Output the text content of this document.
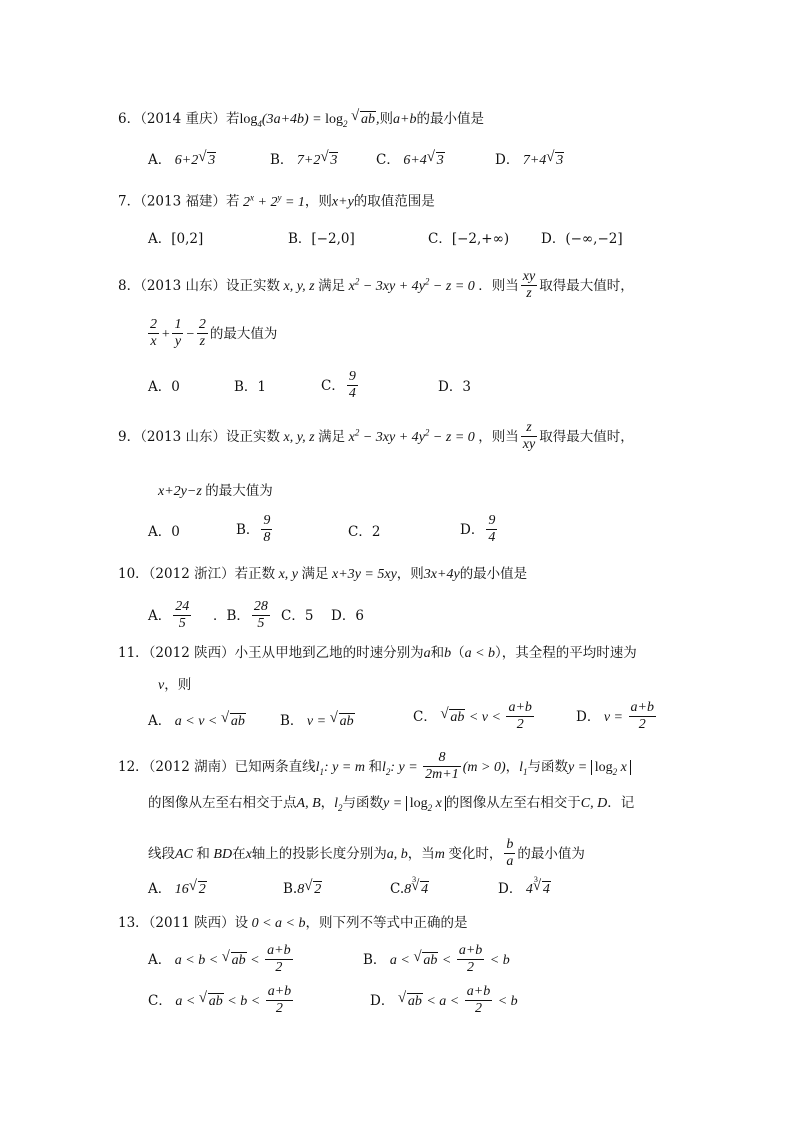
6．（2014 重庆）若$\log_4(3a+4b) = \log_2$ √ ab,则a+b的最小值是
A． 6+2 √ 3	B． 7+2 √ 3	C． 6+4 √ 3	D． 7+4 √ 3
7．（2013 福建）若 $2^x + 2^y = 1$，则x+y的取值范围是
A．[0,2]	B．[−2,0]	C．[−2,+∞) D．(−∞,−2]
8．（2013 山东）设正实数 x, y, z 满足 $x^2 - 3xy + 4y^2 - z = 0$ ．则当 $\frac{xy}{z}$ 取得最大值时，
$\frac{2}{x} + \frac{1}{y} - \frac{2}{z}$ 的最大值为
A．0	B．1	C． $\frac{9}{4}$	D．3
9．（2013 山东）设正实数 x, y, z 满足 $x^2 - 3xy + 4y^2 - z = 0$ ，则当 $\frac{z}{xy}$ 取得最大值时，
x+2y−z 的最大值为
A．0	B． $\frac{9}{8}$	C．2	D． $\frac{9}{4}$
10．（2012 浙江）若正数 x, y 满足 x+3y = 5xy，则3x+4y的最小值是
A． $\frac{24}{5}$ ．B． $\frac{28}{5}$ C．5 D．6
11．（2012 陕西）小王从甲地到乙地的时速分别为a和b（a < b），其全程的平均时速为
v，则
A． a < v < √ ab	B． v = √ ab	C． √ ab < $v < \frac{a+b}{2}$	D． $v = \frac{a+b}{2}$
12．（2012 湖南）已知两条直线$l_1$: y = m 和$l_2$: $y = \frac{8}{2m+1} (m > 0)$，$l_1$与函数$y = \log_2 x$
的图像从左至右相交于点A, B，$l_2$与函数$y = \log_2 x$ 的图像从左至右相交于C, D．记
线段AC 和 BD在x轴上的投影长度分别为a, b，当m 变化时， $\frac{b}{a}$ 的最小值为
A． 16 √ 2	B.8 √ 2	C.8
√ 3
4	D． 4
√ 3
4
13．（2011 陕西）设 0 < a < b，则下列不等式中正确的是
A． a < b < √ ab < $\frac{a+b}{2}$	B． a < √ ab < $\frac{a+b}{2} < b$
C． a < √ ab < $b < \frac{a+b}{2}$	D． √ ab < $a < \frac{a+b}{2} < b$
